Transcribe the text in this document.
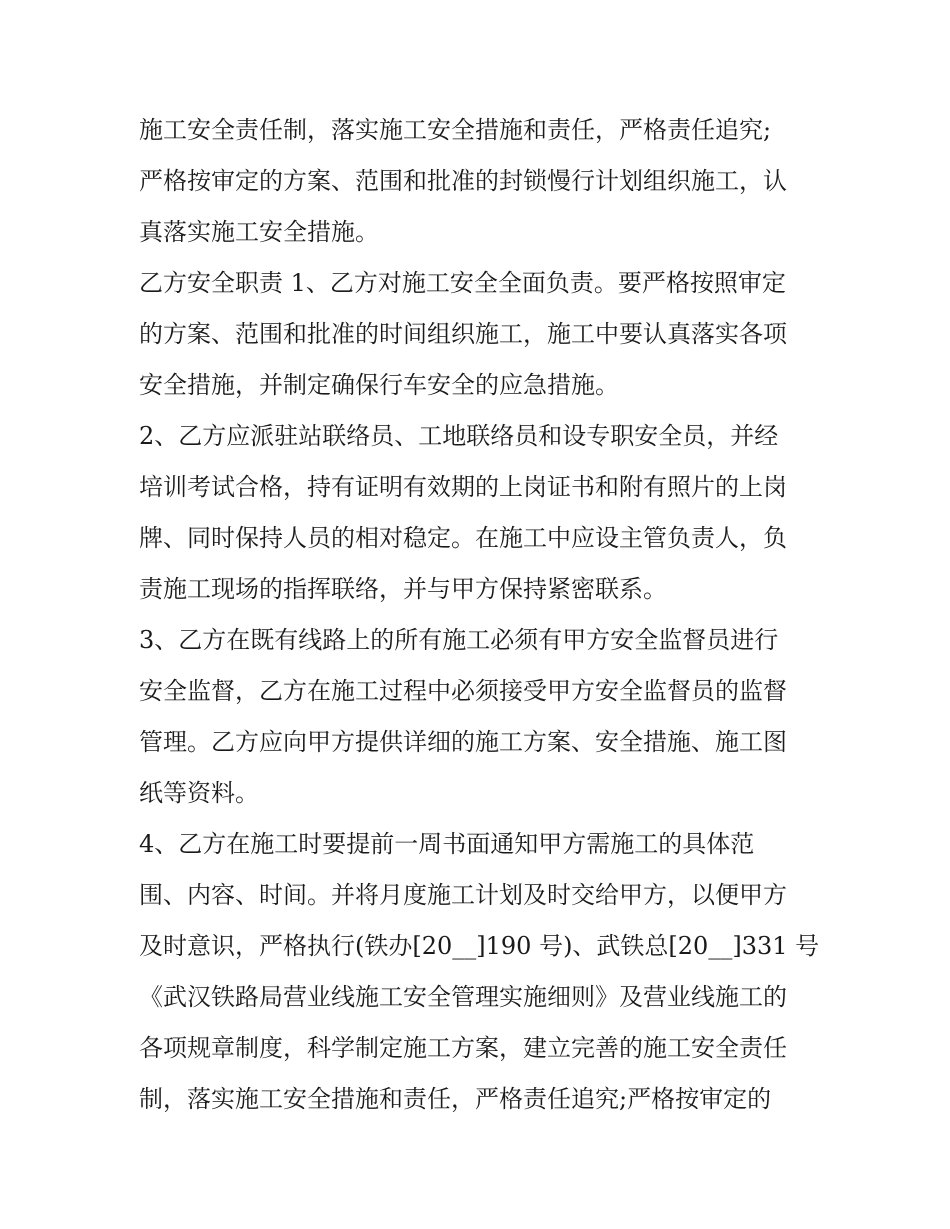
施工安全责任制，落实施工安全措施和责任，严格责任追究;
严格按审定的方案、范围和批准的封锁慢行计划组织施工，认
真落实施工安全措施。
乙方安全职责 1、乙方对施工安全全面负责。要严格按照审定
的方案、范围和批准的时间组织施工，施工中要认真落实各项
安全措施，并制定确保行车安全的应急措施。
2、乙方应派驻站联络员、工地联络员和设专职安全员，并经
培训考试合格，持有证明有效期的上岗证书和附有照片的上岗
牌、同时保持人员的相对稳定。在施工中应设主管负责人，负
责施工现场的指挥联络，并与甲方保持紧密联系。
3、乙方在既有线路上的所有施工必须有甲方安全监督员进行
安全监督，乙方在施工过程中必须接受甲方安全监督员的监督
管理。乙方应向甲方提供详细的施工方案、安全措施、施工图
纸等资料。
4、乙方在施工时要提前一周书面通知甲方需施工的具体范
围、内容、时间。并将月度施工计划及时交给甲方，以便甲方
及时意识，严格执行(铁办[20__]190 号)、武铁总[20__]331 号
《武汉铁路局营业线施工安全管理实施细则》及营业线施工的
各项规章制度，科学制定施工方案，建立完善的施工安全责任
制，落实施工安全措施和责任，严格责任追究;严格按审定的
